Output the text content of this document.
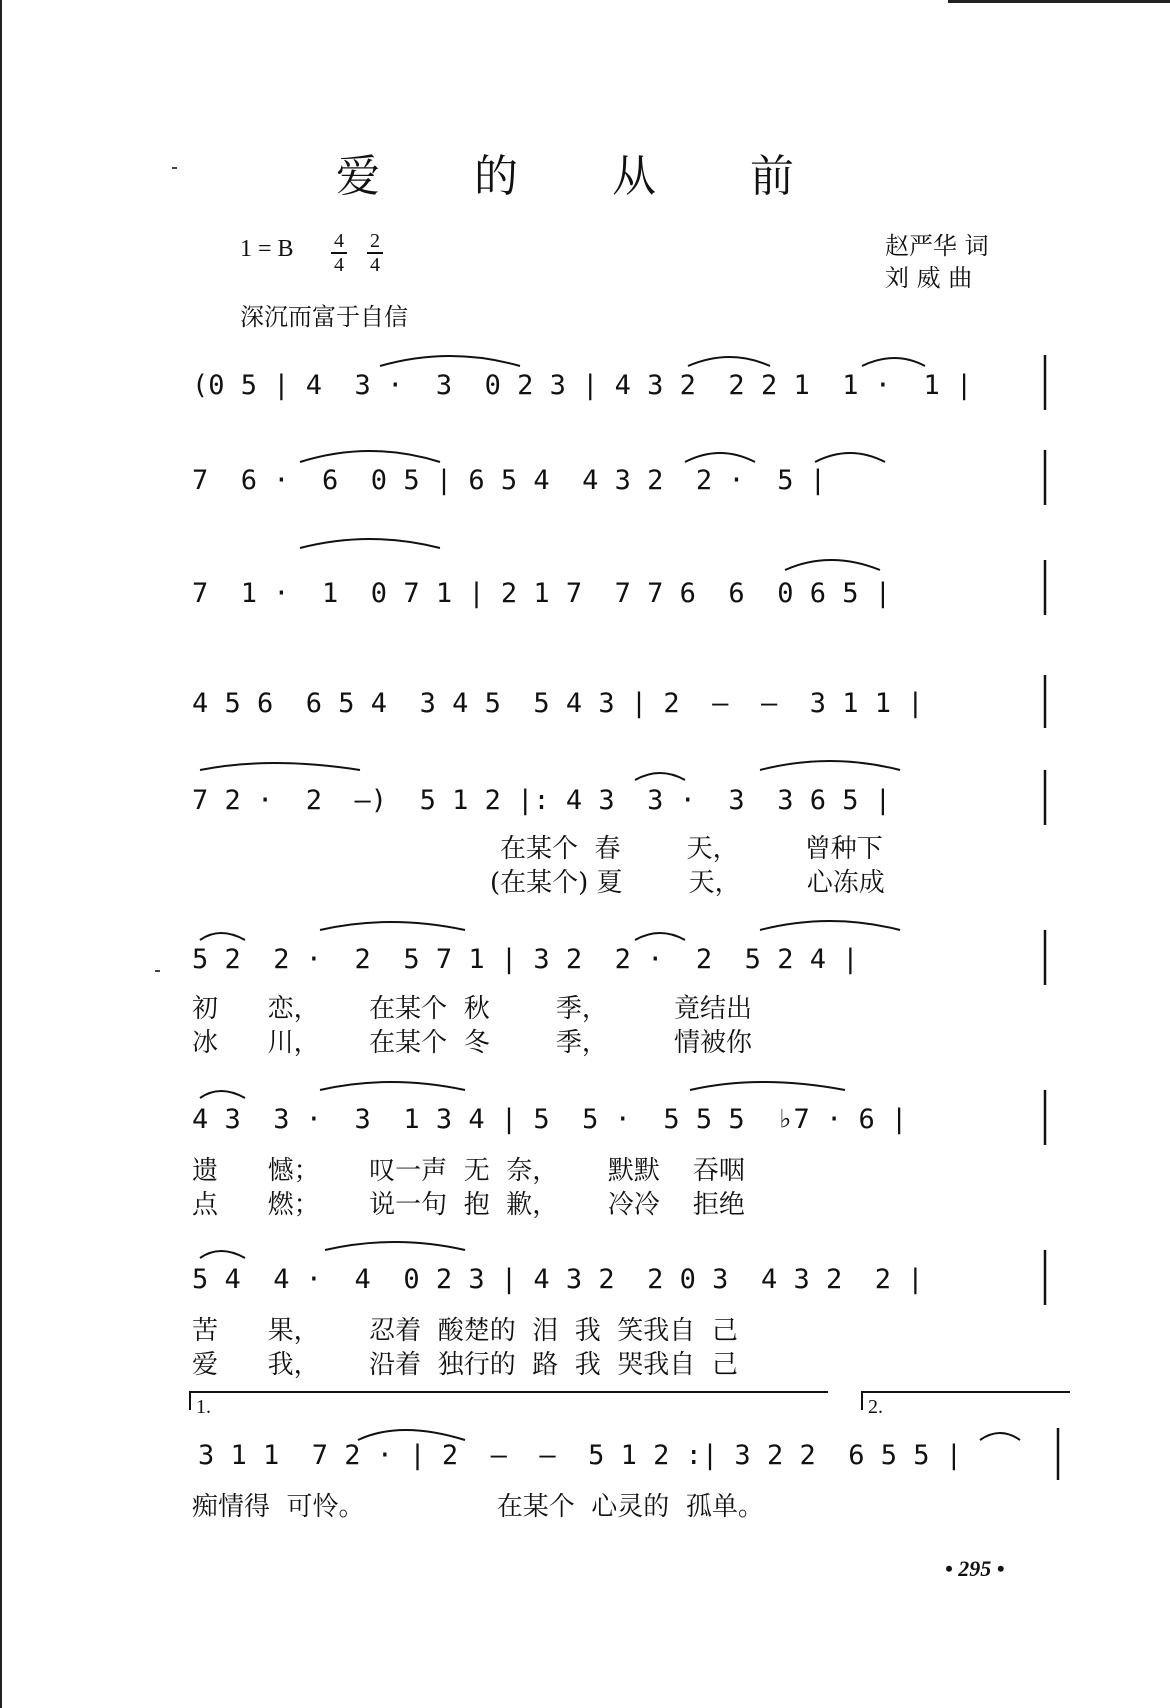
爱 的 从 前
1 = B 4
4
2
4
赵严华 词
刘 威 曲
深沉而富于自信
(0 5 | 4  3 ·  3  0 2 3 | 4 3 2  2 2 1  1 ·  1 |
7  6 ·  6  0 5 | 6 5 4  4 3 2  2 ·  5 |
7  1 ·  1  0 7 1 | 2 1 7  7 7 6  6  0 6 5 |
4 5 6  6 5 4  3 4 5  5 4 3 | 2  —  —  3 1 1 |
7 2 ·  2  —)  5 1 2 |: 4 3  3 ·  3  3 6 5 |
在某个  春        天，        曾种下
(在某个) 夏        天，        心冻成
5 2  2 ·  2  5 7 1 | 3 2  2 ·  2  5 2 4 |
初      恋，      在某个  秋        季，        竟结出
冰      川，      在某个  冬        季，        情被你
4 3  3 ·  3  1 3 4 | 5  5 ·  5 5 5  ♭7 · 6 |
遗      憾；      叹一声  无  奈，      默默    吞咽
点      燃；      说一句  抱  歉，      冷冷    拒绝
5 4  4 ·  4  0 2 3 | 4 3 2  2 0 3  4 3 2  2 |
苦      果，      忍着  酸楚的  泪  我  笑我自  己
爱      我，      沿着  独行的  路  我  哭我自  己
1.	2.
3 1 1  7 2 · | 2  —  —  5 1 2 :| 3 2 2  6 5 5 |
痴情得  可怜。                在某个  心灵的  孤单。
• 295 •
